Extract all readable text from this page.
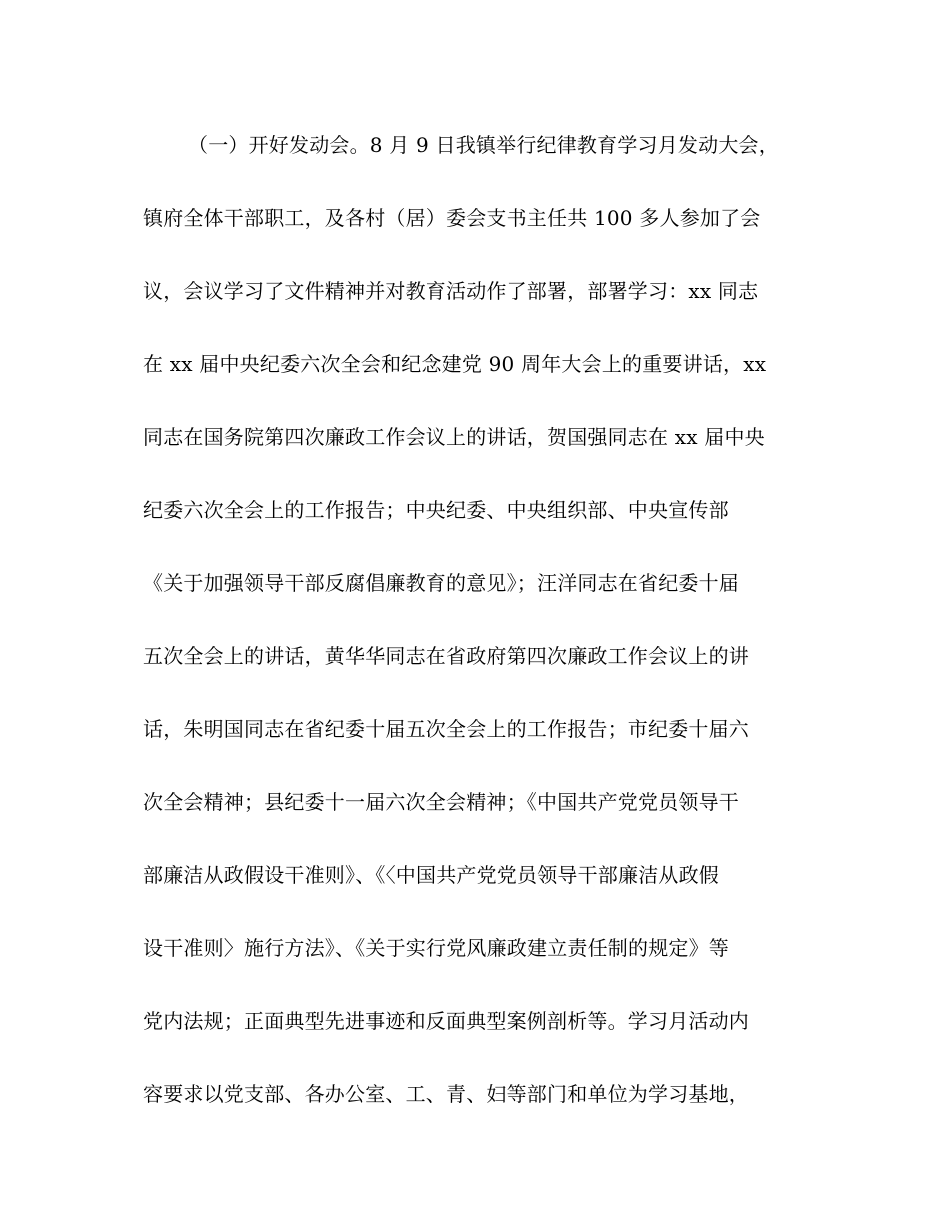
（一）开好发动会。8 月 9 日我镇举行纪律教育学习月发动大会，
镇府全体干部职工，及各村（居）委会支书主任共 100 多人参加了会
议，会议学习了文件精神并对教育活动作了部署，部署学习：xx 同志
在 xx 届中央纪委六次全会和纪念建党 90 周年大会上的重要讲话，xx
同志在国务院第四次廉政工作会议上的讲话，贺国强同志在 xx 届中央
纪委六次全会上的工作报告；中央纪委、中央组织部、中央宣传部
《关于加强领导干部反腐倡廉教育的意见》；汪洋同志在省纪委十届
五次全会上的讲话，黄华华同志在省政府第四次廉政工作会议上的讲
话，朱明国同志在省纪委十届五次全会上的工作报告；市纪委十届六
次全会精神；县纪委十一届六次全会精神；《中国共产党党员领导干
部廉洁从政假设干准则》、《〈中国共产党党员领导干部廉洁从政假
设干准则〉施行方法》、《关于实行党风廉政建立责任制的规定》等
党内法规；正面典型先进事迹和反面典型案例剖析等。学习月活动内
容要求以党支部、各办公室、工、青、妇等部门和单位为学习基地，
